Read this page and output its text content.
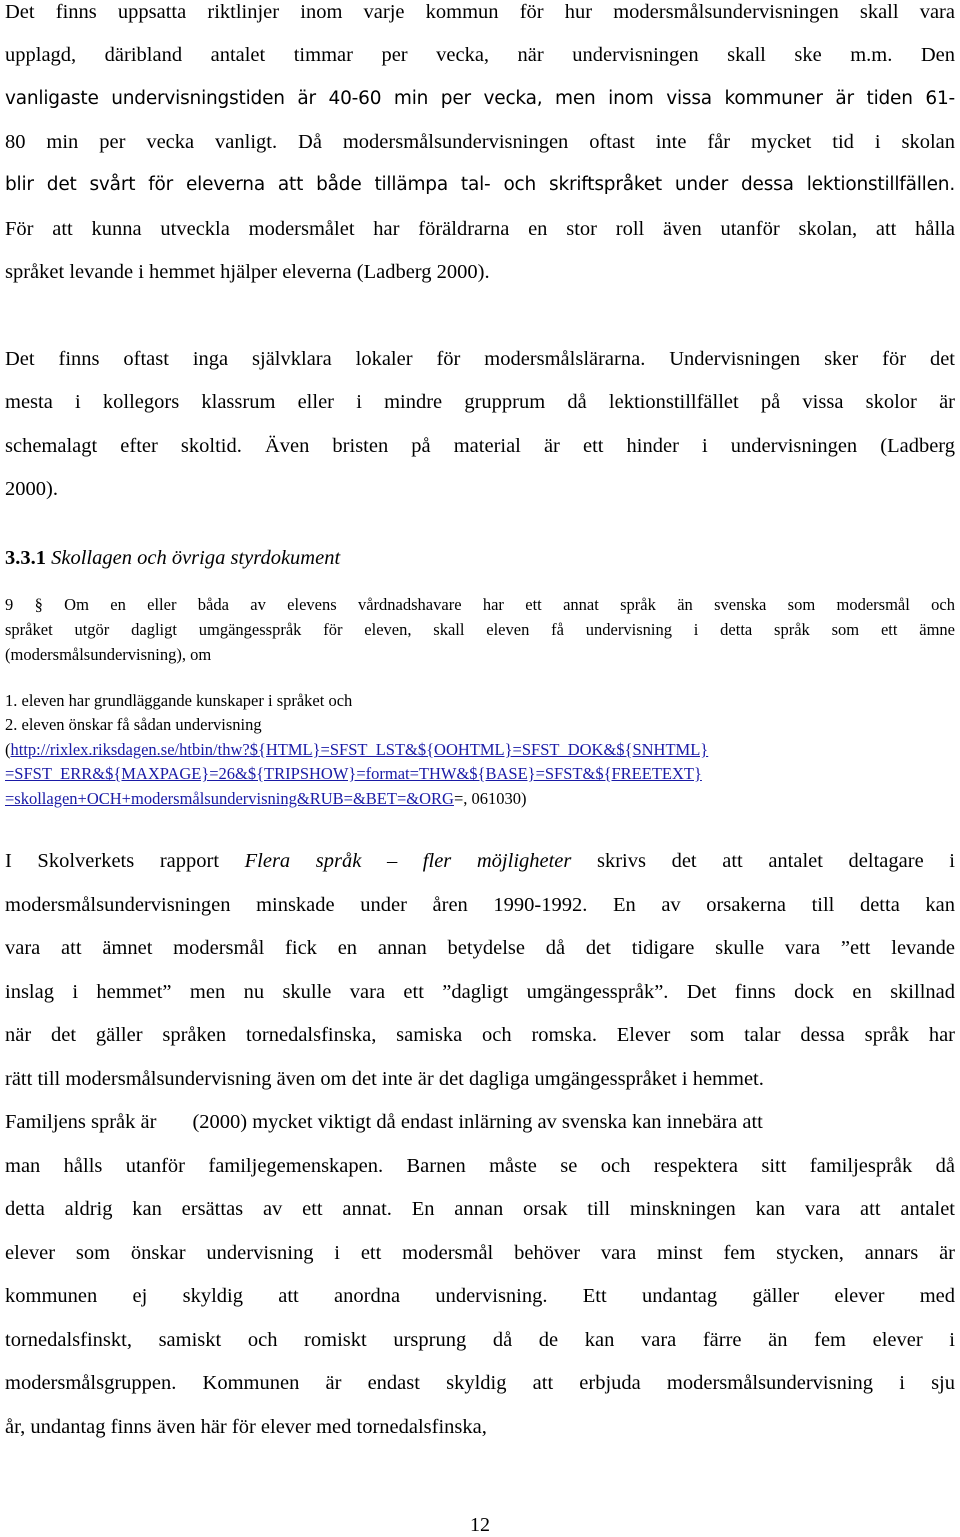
Det finns uppsatta riktlinjer inom varje kommun för hur modersmålsundervisningen skall vara
upplagd, däribland antalet timmar per vecka, när undervisningen skall ske m.m. Den
vanligaste undervisningstiden är 40-60 min per vecka, men inom vissa kommuner är tiden 61-
80 min per vecka vanligt. Då modersmålsundervisningen oftast inte får mycket tid i skolan
blir det svårt för eleverna att både tillämpa tal- och skriftspråket under dessa lektionstillfällen.
För att kunna utveckla modersmålet har föräldrarna en stor roll även utanför skolan, att hålla
språket levande i hemmet hjälper eleverna (Ladberg 2000).
Det finns oftast inga självklara lokaler för modersmålslärarna. Undervisningen sker för det
mesta i kollegors klassrum eller i mindre grupprum då lektionstillfället på vissa skolor är
schemalagt efter skoltid. Även bristen på material är ett hinder i undervisningen (Ladberg
2000).
3.3.1 Skollagen och övriga styrdokument
9 § Om en eller båda av elevens vårdnadshavare har ett annat språk än svenska som modersmål och
språket utgör dagligt umgängesspråk för eleven, skall eleven få undervisning i detta språk som ett ämne
(modersmålsundervisning), om
1. eleven har grundläggande kunskaper i språket och
2. eleven önskar få sådan undervisning
(http://rixlex.riksdagen.se/htbin/thw?${HTML}=SFST_LST&${OOHTML}=SFST_DOK&${SNHTML}
=SFST_ERR&${MAXPAGE}=26&${TRIPSHOW}=format=THW&${BASE}=SFST&${FREETEXT}
=skollagen+OCH+modersmålsundervisning&RUB=&BET=&ORG=, 061030)
I Skolverkets rapport Flera språk – fler möjligheter skrivs det att antalet deltagare i
modersmålsundervisningen minskade under åren 1990-1992. En av orsakerna till detta kan
vara att ämnet modersmål fick en annan betydelse då det tidigare skulle vara ”ett levande
inslag i hemmet” men nu skulle vara ett ”dagligt umgängesspråk”. Det finns dock en skillnad
när det gäller språken tornedalsfinska, samiska och romska. Elever som talar dessa språk har
rätt till modersmålsundervisning även om det inte är det dagliga umgängesspråket i hemmet.
Familjens språk är (2000) mycket viktigt då endast inlärning av svenska kan innebära att
man hålls utanför familjegemenskapen. Barnen måste se och respektera sitt familjespråk då
detta aldrig kan ersättas av ett annat. En annan orsak till minskningen kan vara att antalet
elever som önskar undervisning i ett modersmål behöver vara minst fem stycken, annars är
kommunen ej skyldig att anordna undervisning. Ett undantag gäller elever med
tornedalsfinskt, samiskt och romiskt ursprung då de kan vara färre än fem elever i
modersmålsgruppen. Kommunen är endast skyldig att erbjuda modersmålsundervisning i sju
år, undantag finns även här för elever med tornedalsfinska,
12
